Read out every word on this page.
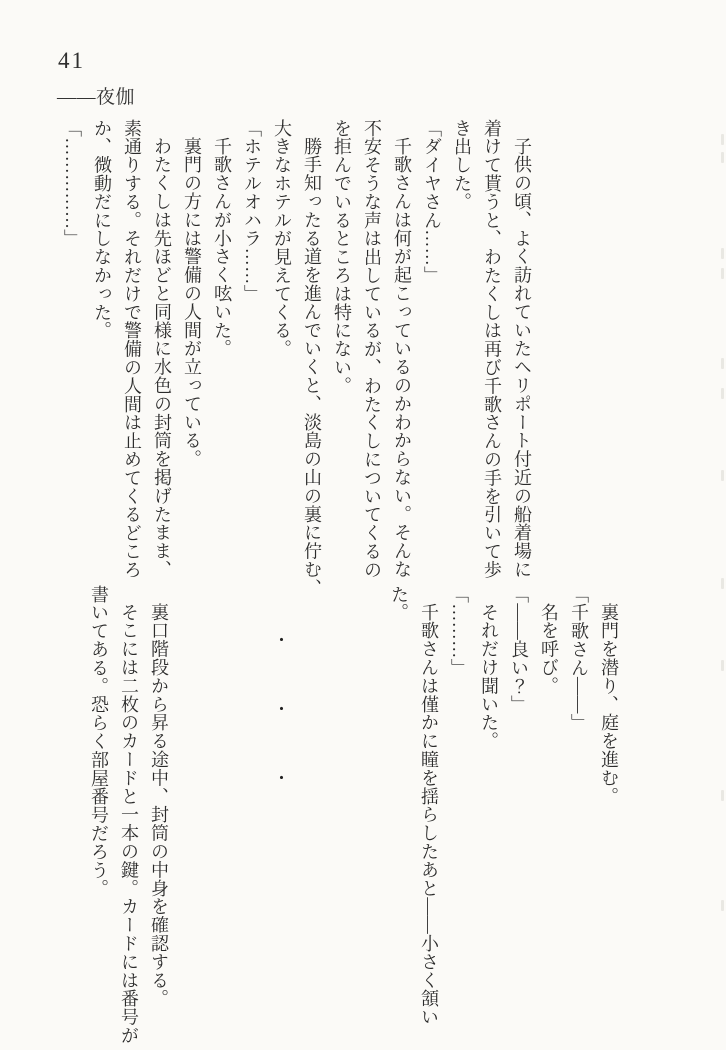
41
――夜伽
子供の頃、よく訪れていたヘリポート付近の船着場に
着けて貰うと、わたくしは再び千歌さんの手を引いて歩
き出した。
「ダイヤさん……」
千歌さんは何が起こっているのかわからない。そんな
不安そうな声は出しているが、わたくしについてくるの
を拒んでいるところは特にない。
勝手知ったる道を進んでいくと、淡島の山の裏に佇む、
大きなホテルが見えてくる。
「ホテルオハラ……」
千歌さんが小さく呟いた。
裏門の方には警備の人間が立っている。
わたくしは先ほどと同様に水色の封筒を掲げたまま、
素通りする。それだけで警備の人間は止めてくるどころ
か、微動だにしなかった。
「……………」
裏門を潜り、庭を進む。
「千歌さん――」
名を呼び。
「――良い？」
それだけ聞いた。
「………」
千歌さんは僅かに瞳を揺らしたあと――小さく頷い
た。
・・・
裏口階段から昇る途中、封筒の中身を確認する。
そこには二枚のカードと一本の鍵。カードには番号が
書いてある。恐らく部屋番号だろう。
